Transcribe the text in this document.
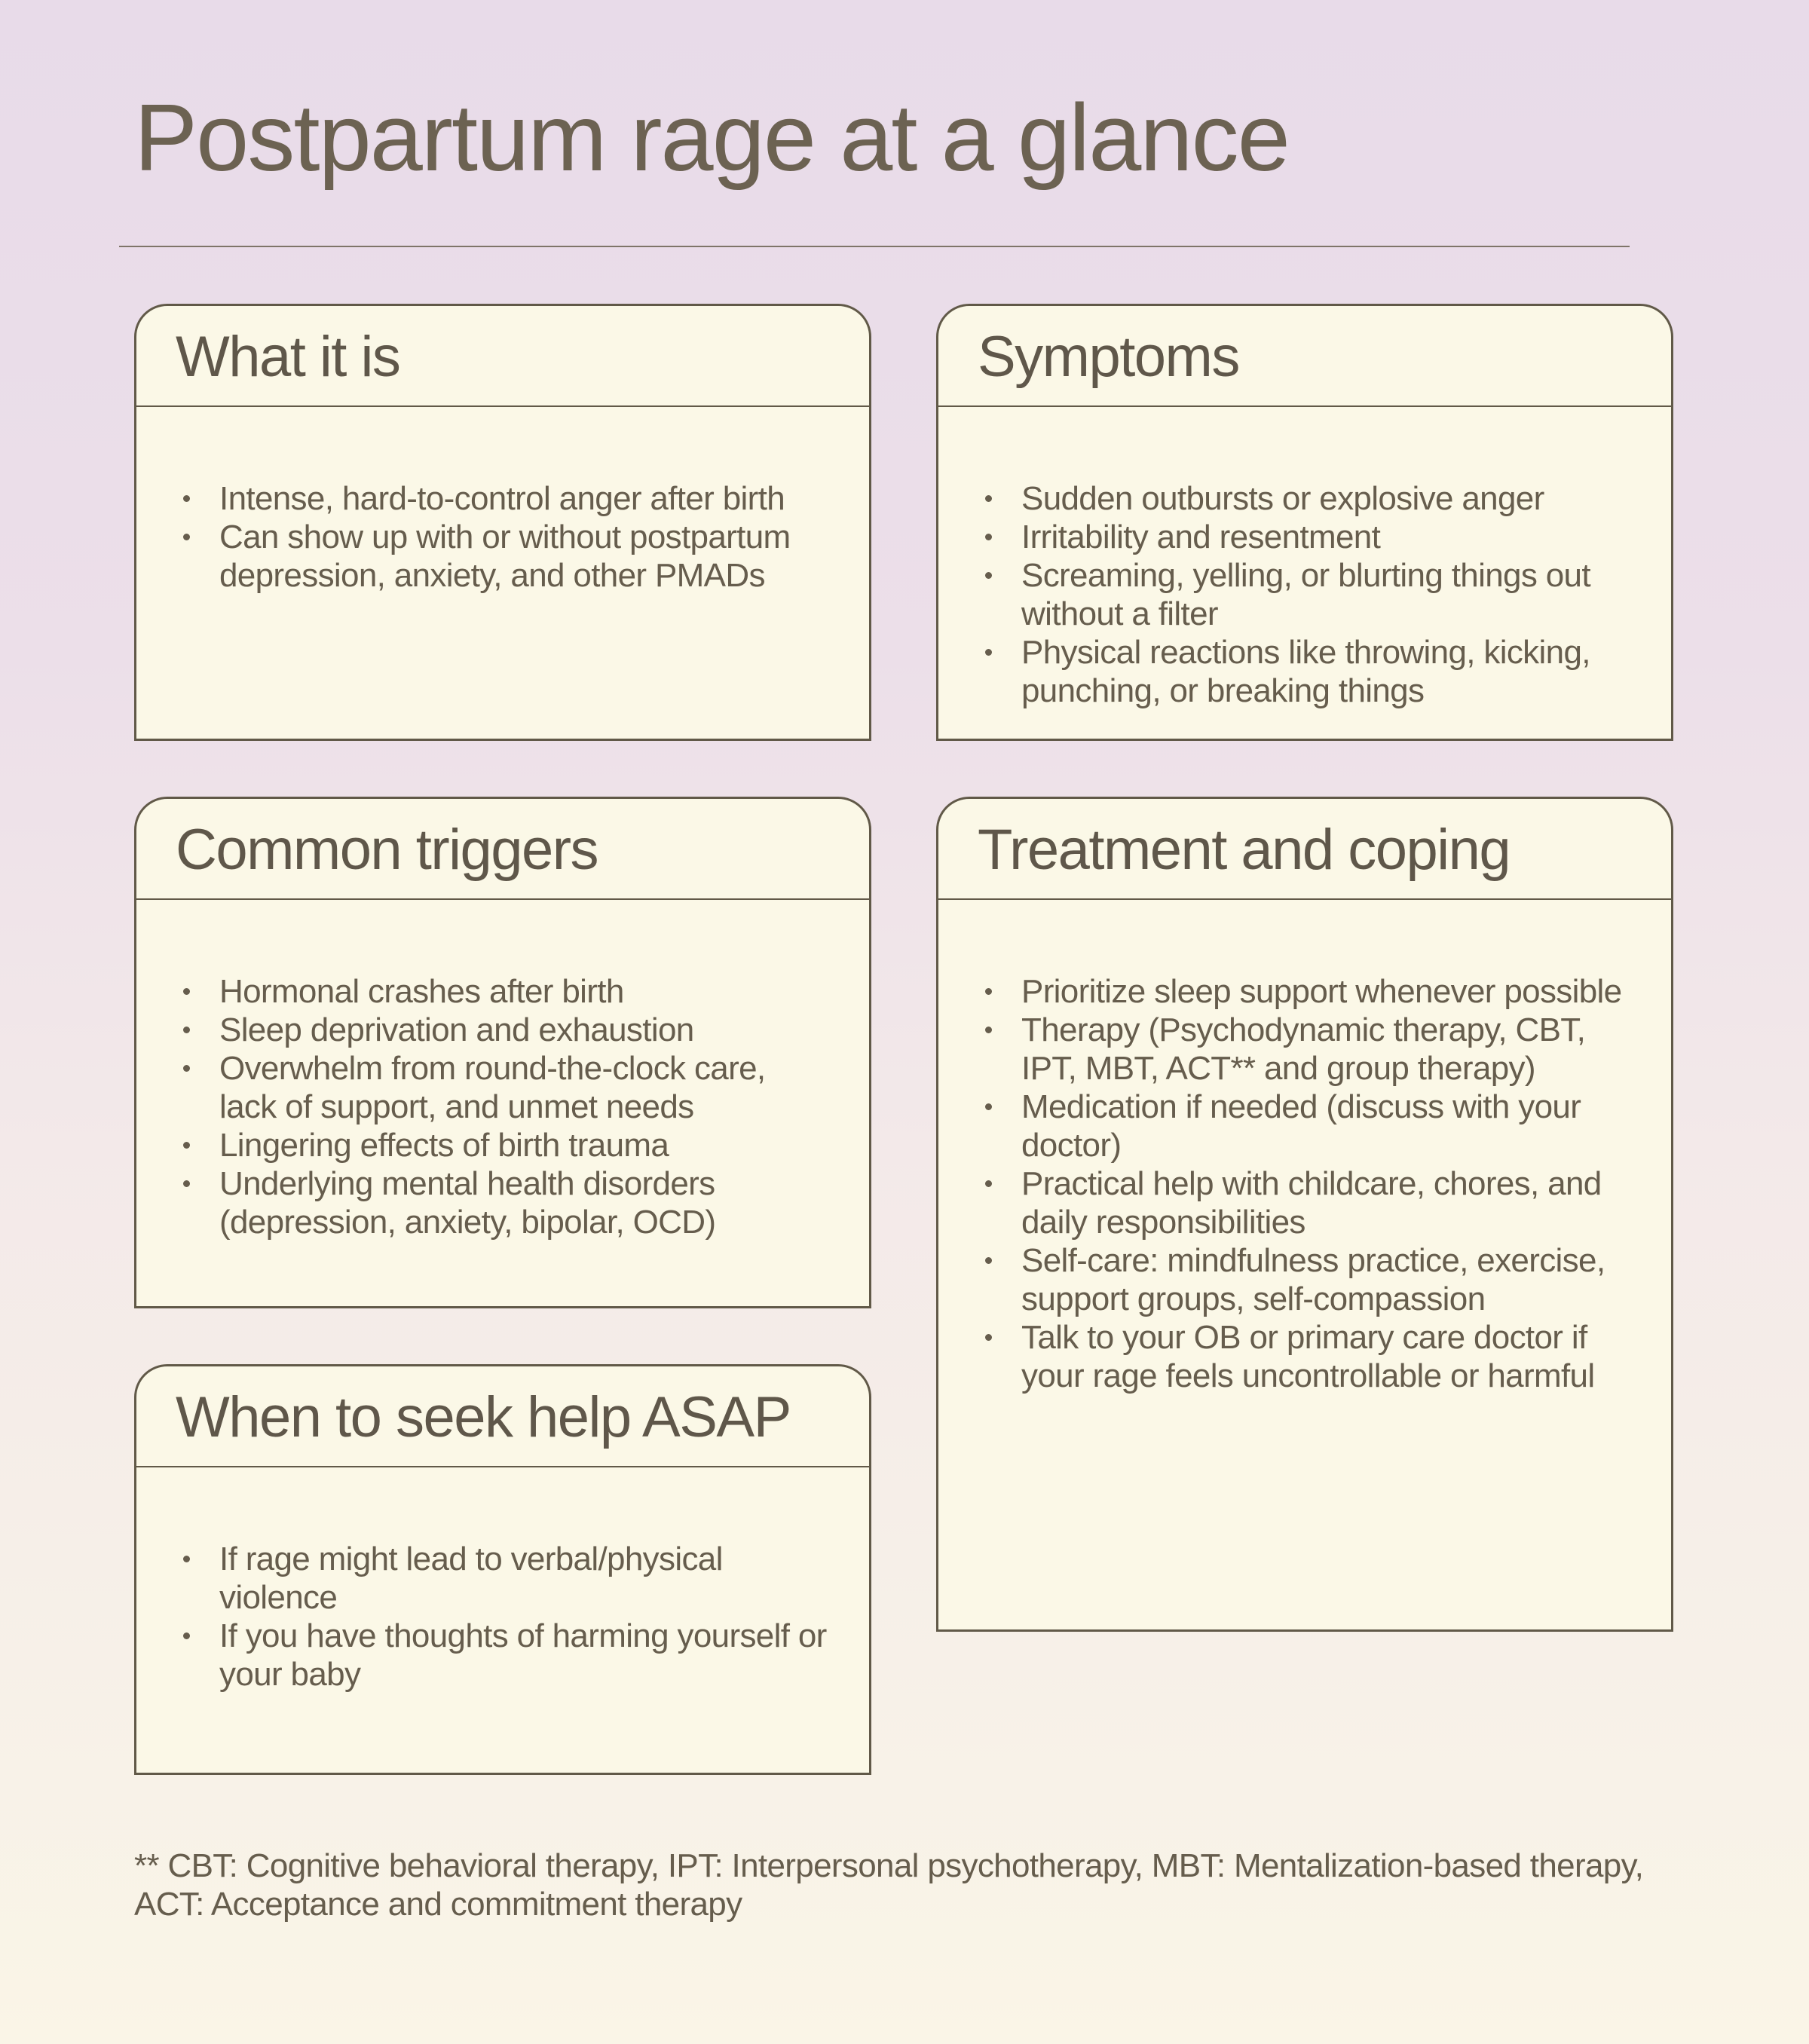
Postpartum rage at a glance
What it is
Intense, hard-to-control anger after birth
Can show up with or without postpartum depression, anxiety, and other PMADs
Common triggers
Hormonal crashes after birth
Sleep deprivation and exhaustion
Overwhelm from round-the-clock care, lack of support, and unmet needs
Lingering effects of birth trauma
Underlying mental health disorders (depression, anxiety, bipolar, OCD)
When to seek help ASAP
If rage might lead to verbal/physical violence
If you have thoughts of harming yourself or your baby
Symptoms
Sudden outbursts or explosive anger
Irritability and resentment
Screaming, yelling, or blurting things out without a filter
Physical reactions like throwing, kicking, punching, or breaking things
Treatment and coping
Prioritize sleep support whenever possible
Therapy (Psychodynamic therapy, CBT, IPT, MBT, ACT** and group therapy)
Medication if needed (discuss with your doctor)
Practical help with childcare, chores, and daily responsibilities
Self-care: mindfulness practice, exercise, support groups, self-compassion
Talk to your OB or primary care doctor if your rage feels uncontrollable or harmful

** CBT: Cognitive behavioral therapy, IPT: Interpersonal psychotherapy, MBT: Mentalization-based therapy, ACT: Acceptance and commitment therapy
